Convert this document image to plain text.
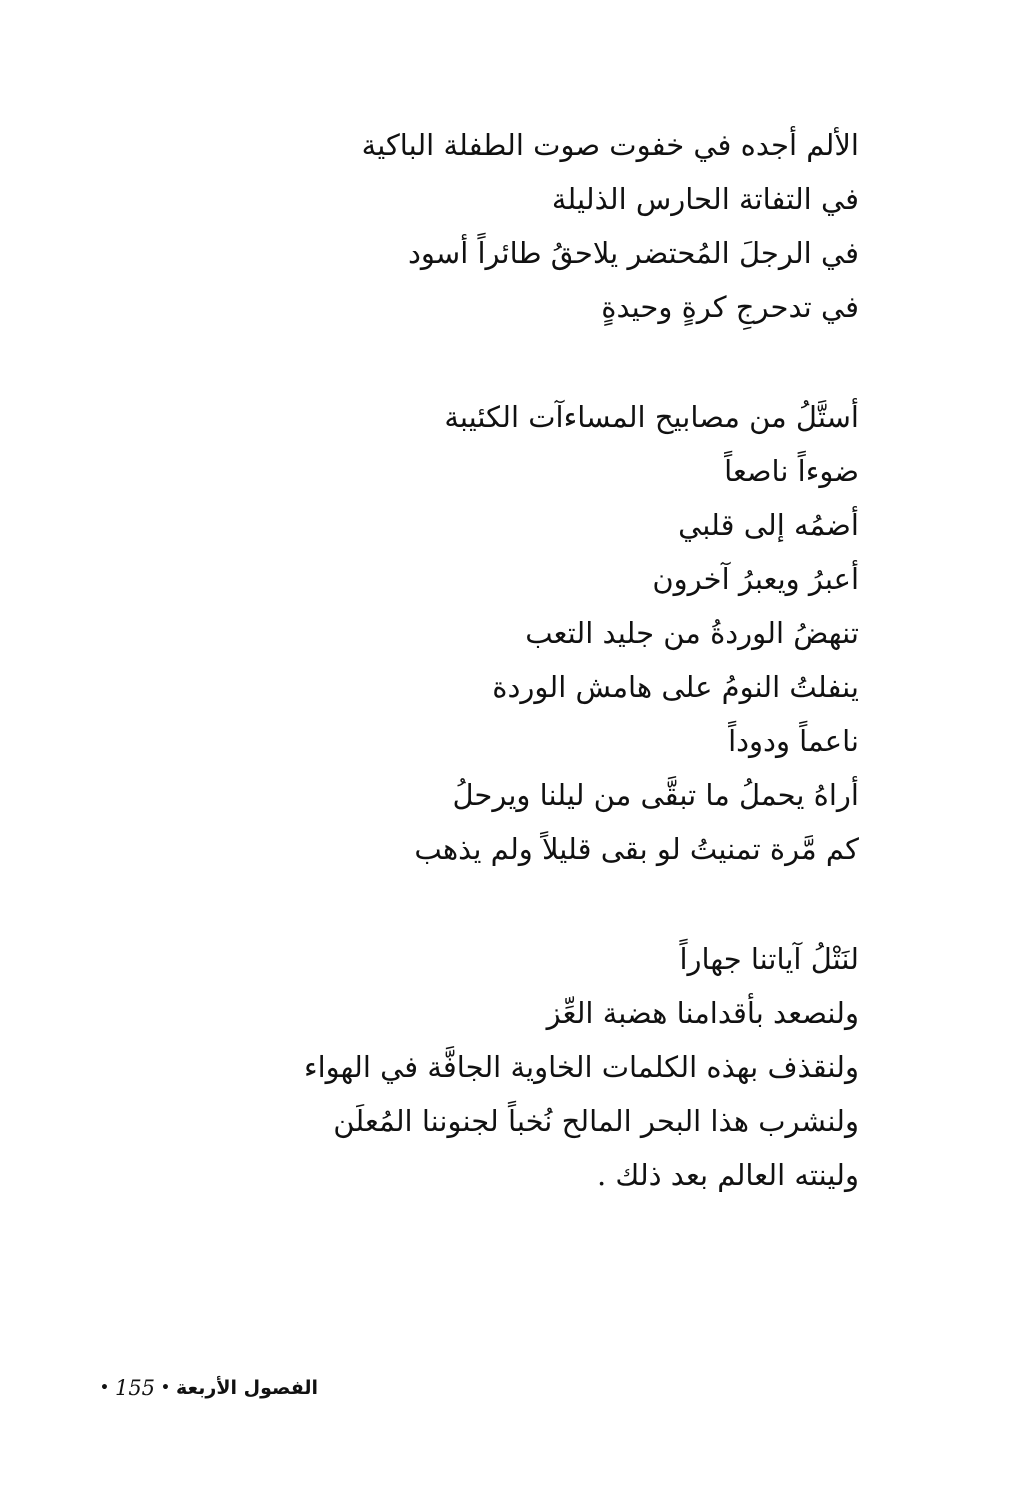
الألم أجده في خفوت صوت الطفلة الباكية
في التفاتة الحارس الذليلة
في الرجلَ المُحتضر يلاحقُ طائراً أسود
في تدحرجِ كرةٍ وحيدةٍ
أستَّلُ من مصابيح المساءآت الكئيبة
ضوءاً ناصعاً
أضمُه إلى قلبي
أعبرُ ويعبرُ آخرون
تنهضُ الوردةُ من جليد التعب
ينفلتُ النومُ على هامش الوردة
ناعماً ودوداً
أراهُ يحملُ ما تبقَّى من ليلنا ويرحلُ
كم مَّرة تمنيتُ لو بقى قليلاً ولم يذهب
لنَتْلُ آياتنا جهاراً
ولنصعد بأقدامنا هضبة العِّز
ولنقذف بهذه الكلمات الخاوية الجافَّة في الهواء
ولنشرب هذا البحر المالح نُخباً لجنوننا المُعلَن
ولينته العالم بعد ذلك .
الفصول الأربعة
•
155
•
